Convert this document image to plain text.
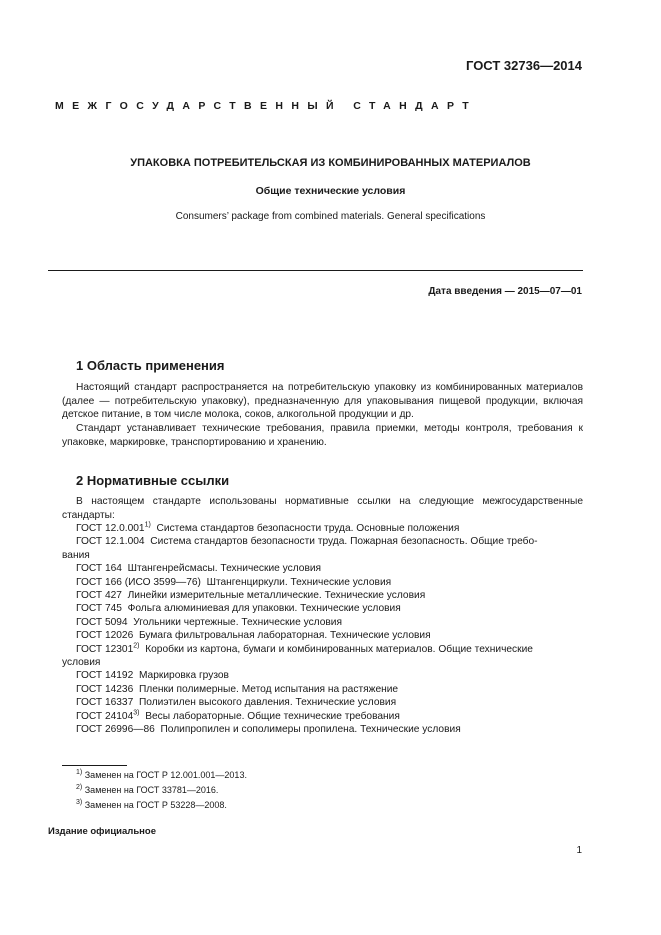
ГОСТ 32736—2014
МЕЖГОСУДАРСТВЕННЫЙ СТАНДАРТ
УПАКОВКА ПОТРЕБИТЕЛЬСКАЯ ИЗ КОМБИНИРОВАННЫХ МАТЕРИАЛОВ
Общие технические условия
Consumers’ package from combined materials. General specifications
Дата введения — 2015—07—01
1 Область применения
Настоящий стандарт распространяется на потребительскую упаковку из комбинированных материалов (далее — потребительскую упаковку), предназначенную для упаковывания пищевой продукции, включая детское питание, в том числе молока, соков, алкогольной продукции и др.
Стандарт устанавливает технические требования, правила приемки, методы контроля, требования к упаковке, маркировке, транспортированию и хранению.
2 Нормативные ссылки
В настоящем стандарте использованы нормативные ссылки на следующие межгосударственные стандарты:
ГОСТ 12.0.001$^{1)}$ Система стандартов безопасности труда. Основные положения
ГОСТ 12.1.004 Система стандартов безопасности труда. Пожарная безопасность. Общие требо-
вания
ГОСТ 164 Штангенрейсмасы. Технические условия
ГОСТ 166 (ИСО 3599—76) Штангенциркули. Технические условия
ГОСТ 427 Линейки измерительные металлические. Технические условия
ГОСТ 745 Фольга алюминиевая для упаковки. Технические условия
ГОСТ 5094 Угольники чертежные. Технические условия
ГОСТ 12026 Бумага фильтровальная лабораторная. Технические условия
ГОСТ 12301$^{2)}$ Коробки из картона, бумаги и комбинированных материалов. Общие технические
условия
ГОСТ 14192 Маркировка грузов
ГОСТ 14236 Пленки полимерные. Метод испытания на растяжение
ГОСТ 16337 Полиэтилен высокого давления. Технические условия
ГОСТ 24104$^{3)}$ Весы лабораторные. Общие технические требования
ГОСТ 26996—86 Полипропилен и сополимеры пропилена. Технические условия
$^{1)}$ Заменен на ГОСТ Р 12.001.001—2013.
$^{2)}$ Заменен на ГОСТ 33781—2016.
$^{3)}$ Заменен на ГОСТ Р 53228—2008.
Издание официальное
1
